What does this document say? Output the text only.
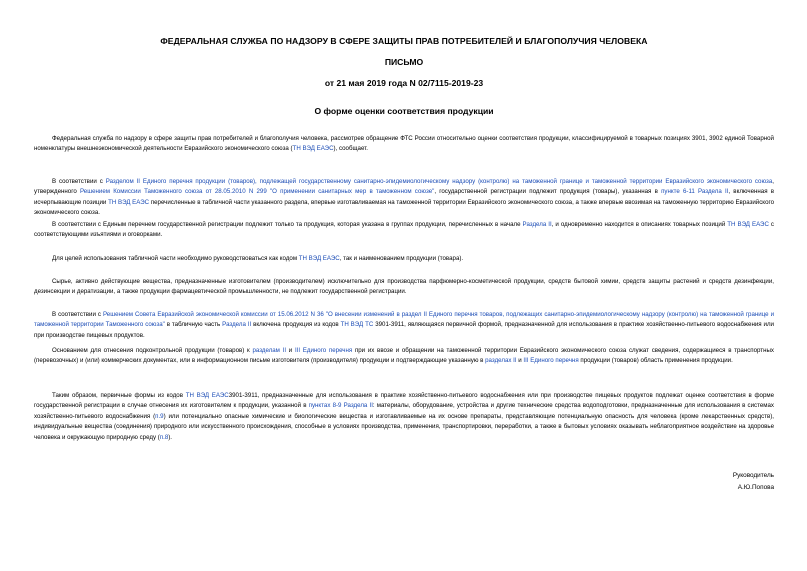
ФЕДЕРАЛЬНАЯ СЛУЖБА ПО НАДЗОРУ В СФЕРЕ ЗАЩИТЫ ПРАВ ПОТРЕБИТЕЛЕЙ И БЛАГОПОЛУЧИЯ ЧЕЛОВЕКА
ПИСЬМО
от 21 мая 2019 года N 02/7115-2019-23
О форме оценки соответствия продукции

Федеральная служба по надзору в сфере защиты прав потребителей и благополучия человека, рассмотрев обращение ФТС России относительно оценки соответствия продукции, классифицируемой в товарных позициях 3901, 3902 единой Товарной номенклатуры внешнеэкономической деятельности Евразийского экономического союза (ТН ВЭД ЕАЭС), сообщает.

В соответствии с Разделом II Единого перечня продукции (товаров), подлежащей государственному санитарно-эпидемиологическому надзору (контролю) на таможенной границе и таможенной территории Евразийского экономического союза, утвержденного Решением Комиссии Таможенного союза от 28.05.2010 N 299 "О применении санитарных мер в таможенном союзе", государственной регистрации подлежит продукция (товары), указанная в пункте 6-11 Раздела II, включенная в исчерпывающие позиции ТН ВЭД ЕАЭС перечисленные в табличной части указанного раздела, впервые изготавливаемая на таможенной территории Евразийского экономического союза, а также впервые ввозимая на таможенную территорию Евразийского экономического союза.

В соответствии с Единым перечнем государственной регистрации подлежит только та продукция, которая указана в группах продукции, перечисленных в начале Раздела II, и одновременно находится в описаниях товарных позиций ТН ВЭД ЕАЭС с соответствующими изъятиями и оговорками.

Для целей использования табличной части необходимо руководствоваться как кодом ТН ВЭД ЕАЭС, так и наименованием продукции (товара).

Сырье, активно действующие вещества, предназначенные изготовителем (производителем) исключительно для производства парфюмерно-косметической продукции, средств бытовой химии, средств защиты растений и средств дезинфекции, дезинсекции и дератизации, а также продукции фармацевтической промышленности, не подлежит государственной регистрации.

В соответствии с Решением Совета Евразийской экономической комиссии от 15.06.2012 N 36 "О внесении изменений в раздел II Единого перечня товаров, подлежащих санитарно-эпидемиологическому надзору (контролю) на таможенной границе и таможенной территории Таможенного союза" в табличную часть Раздела II включена продукция из кодов ТН ВЭД ТС 3901-3911, являющаяся первичной формой, предназначенной для использования в практике хозяйственно-питьевого водоснабжения или при производстве пищевых продуктов.

Основанием для отнесения подконтрольной продукции (товаров) к разделам II и III Единого перечня при их ввозе и обращении на таможенной территории Евразийского экономического союза служат сведения, содержащиеся в транспортных (перевозочных) и (или) коммерческих документах, или в информационном письме изготовителя (производителя) продукции и подтверждающие указанную в разделах II и III Единого перечня продукции (товаров) область применения продукции.

Таким образом, первичные формы из кодов ТН ВЭД ЕАЭС3901-3911, предназначенные для использования в практике хозяйственно-питьевого водоснабжения или при производстве пищевых продуктов подлежат оценке соответствия в форме государственной регистрации в случае отнесения их изготовителем к продукции, указанной в пунктах 8-9 Раздела II: материалы, оборудование, устройства и другие технические средства водоподготовки, предназначенные для использования в системах хозяйственно-питьевого водоснабжения (п.9) или потенциально опасные химические и биологические вещества и изготавливаемые на их основе препараты, представляющие потенциальную опасность для человека (кроме лекарственных средств), индивидуальные вещества (соединения) природного или искусственного происхождения, способные в условиях производства, применения, транспортировки, переработки, а также в бытовых условиях оказывать неблагоприятное воздействие на здоровье человека и окружающую природную среду (п.8).

Руководитель
А.Ю.Попова
